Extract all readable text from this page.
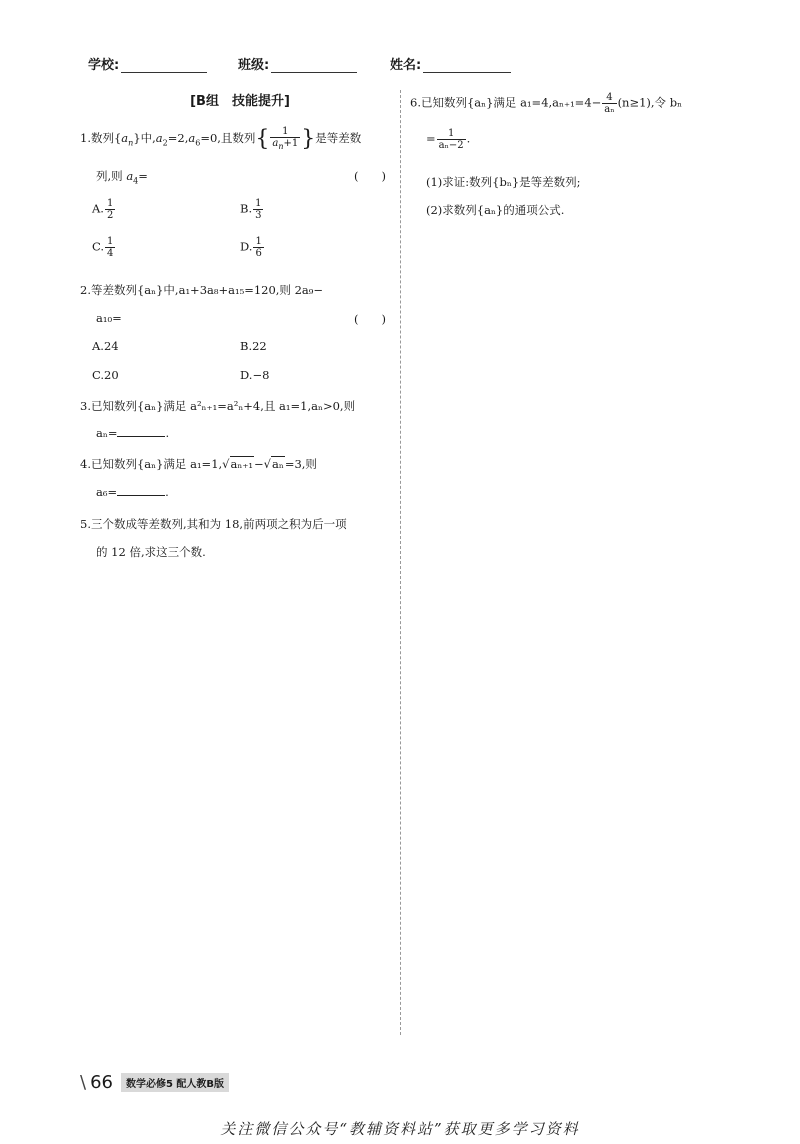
学校:	班级:	姓名:
[B组　技能提升]
1.数列$\{a_n\}$中$,a_2=2,a_6=0$,且数列{ $\frac{1}{a_n+1}$ }是等差数
列,则 $a_4=$	(　　)
A. $\frac{1}{2}$	B. $\frac{1}{3}$
C. $\frac{1}{4}$	D. $\frac{1}{6}$
2.等差数列{aₙ}中,a₁+3a₈+a₁₅=120,则 2a₉−
a₁₀=	(　　)
A.24	B.22
C.20	D.−8
3.已知数列{aₙ}满足 a²ₙ₊₁=a²ₙ+4,且 a₁=1,aₙ>0,则
aₙ=	.
4.已知数列{aₙ}满足 a₁=1,√aₙ₊₁−√aₙ=3,则
a₆=	.
5.三个数成等差数列,其和为 18,前两项之积为后一项
的 12 倍,求这三个数.
6.已知数列{aₙ}满足 $a_1=4,a_{n+1}=4- \frac{4}{\text{aₙ}} (n\ge 1)$,令 bₙ
= $\frac{1}{\text{aₙ−2}}$ .
(1)求证:数列{bₙ}是等差数列;
(2)求数列{aₙ}的通项公式.
\ 66	数学必修5 配人教B版
关注微信公众号“教辅资料站”获取更多学习资料
